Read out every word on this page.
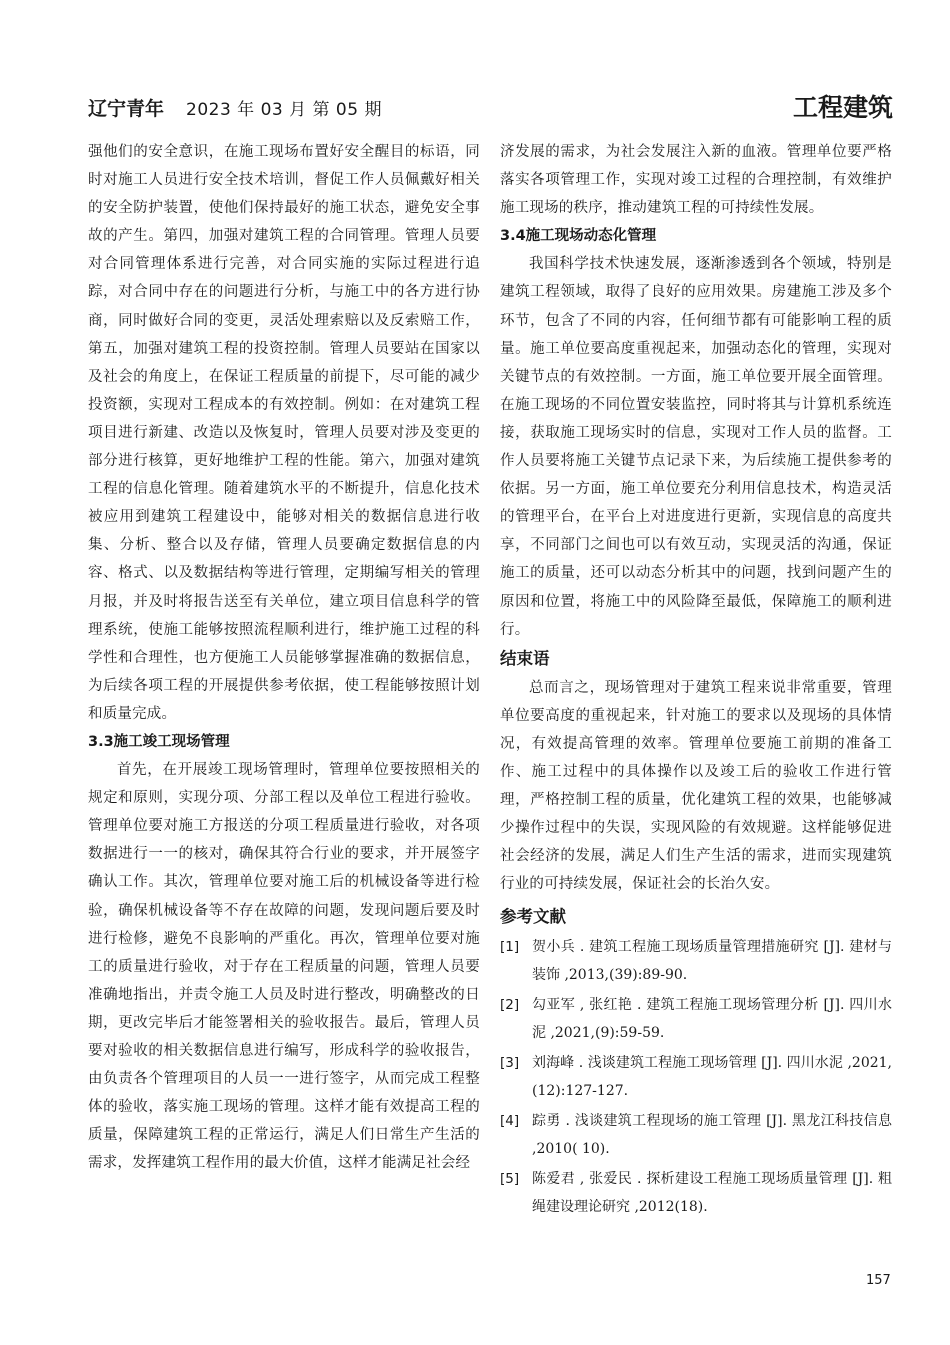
辽宁青年 2023 年 03 月 第 05 期	工程建筑

强他们的安全意识，在施工现场布置好安全醒目的标语，同时对施工人员进行安全技术培训，督促工作人员佩戴好相关的安全防护装置，使他们保持最好的施工状态，避免安全事故的产生。第四，加强对建筑工程的合同管理。管理人员要对合同管理体系进行完善，对合同实施的实际过程进行追踪，对合同中存在的问题进行分析，与施工中的各方进行协商，同时做好合同的变更，灵活处理索赔以及反索赔工作，第五，加强对建筑工程的投资控制。管理人员要站在国家以及社会的角度上，在保证工程质量的前提下，尽可能的减少投资额，实现对工程成本的有效控制。例如：在对建筑工程项目进行新建、改造以及恢复时，管理人员要对涉及变更的部分进行核算，更好地维护工程的性能。第六，加强对建筑工程的信息化管理。随着建筑水平的不断提升，信息化技术被应用到建筑工程建设中，能够对相关的数据信息进行收集、分析、整合以及存储，管理人员要确定数据信息的内容、格式、以及数据结构等进行管理，定期编写相关的管理月报，并及时将报告送至有关单位，建立项目信息科学的管理系统，使施工能够按照流程顺利进行，维护施工过程的科学性和合理性，也方便施工人员能够掌握准确的数据信息，为后续各项工程的开展提供参考依据，使工程能够按照计划和质量完成。

3.3施工竣工现场管理

首先，在开展竣工现场管理时，管理单位要按照相关的规定和原则，实现分项、分部工程以及单位工程进行验收。管理单位要对施工方报送的分项工程质量进行验收，对各项数据进行一一的核对，确保其符合行业的要求，并开展签字确认工作。其次，管理单位要对施工后的机械设备等进行检验，确保机械设备等不存在故障的问题，发现问题后要及时进行检修，避免不良影响的严重化。再次，管理单位要对施工的质量进行验收，对于存在工程质量的问题，管理人员要准确地指出，并责令施工人员及时进行整改，明确整改的日期，更改完毕后才能签署相关的验收报告。最后，管理人员要对验收的相关数据信息进行编写，形成科学的验收报告，由负责各个管理项目的人员一一进行签字，从而完成工程整体的验收，落实施工现场的管理。这样才能有效提高工程的质量，保障建筑工程的正常运行，满足人们日常生产生活的需求，发挥建筑工程作用的最大价值，这样才能满足社会经

济发展的需求，为社会发展注入新的血液。管理单位要严格落实各项管理工作，实现对竣工过程的合理控制，有效维护施工现场的秩序，推动建筑工程的可持续性发展。

3.4施工现场动态化管理

我国科学技术快速发展，逐渐渗透到各个领域，特别是建筑工程领域，取得了良好的应用效果。房建施工涉及多个环节，包含了不同的内容，任何细节都有可能影响工程的质量。施工单位要高度重视起来，加强动态化的管理，实现对关键节点的有效控制。一方面，施工单位要开展全面管理。在施工现场的不同位置安装监控，同时将其与计算机系统连接，获取施工现场实时的信息，实现对工作人员的监督。工作人员要将施工关键节点记录下来，为后续施工提供参考的依据。另一方面，施工单位要充分利用信息技术，构造灵活的管理平台，在平台上对进度进行更新，实现信息的高度共享，不同部门之间也可以有效互动，实现灵活的沟通，保证施工的质量，还可以动态分析其中的问题，找到问题产生的原因和位置，将施工中的风险降至最低，保障施工的顺利进行。

结束语

总而言之，现场管理对于建筑工程来说非常重要，管理单位要高度的重视起来，针对施工的要求以及现场的具体情况，有效提高管理的效率。管理单位要施工前期的准备工作、施工过程中的具体操作以及竣工后的验收工作进行管理，严格控制工程的质量，优化建筑工程的效果，也能够减少操作过程中的失误，实现风险的有效规避。这样能够促进社会经济的发展，满足人们生产生活的需求，进而实现建筑行业的可持续发展，保证社会的长治久安。

参考文献
[1] 贺小兵 . 建筑工程施工现场质量管理措施研究 [J]. 建材与装饰 ,2013,(39):89-90.
[2] 勾亚军 , 张红艳 . 建筑工程施工现场管理分析 [J]. 四川水泥 ,2021,(9):59-59.
[3] 刘海峰 . 浅谈建筑工程施工现场管理 [J]. 四川水泥 ,2021,(12):127-127.
[4] 踪勇 . 浅谈建筑工程现场的施工管理 [J]. 黑龙江科技信息 ,2010( 10).
[5] 陈爱君 , 张爱民 . 探析建设工程施工现场质量管理 [J]. 粗绳建设理论研究 ,2012(18).
157
